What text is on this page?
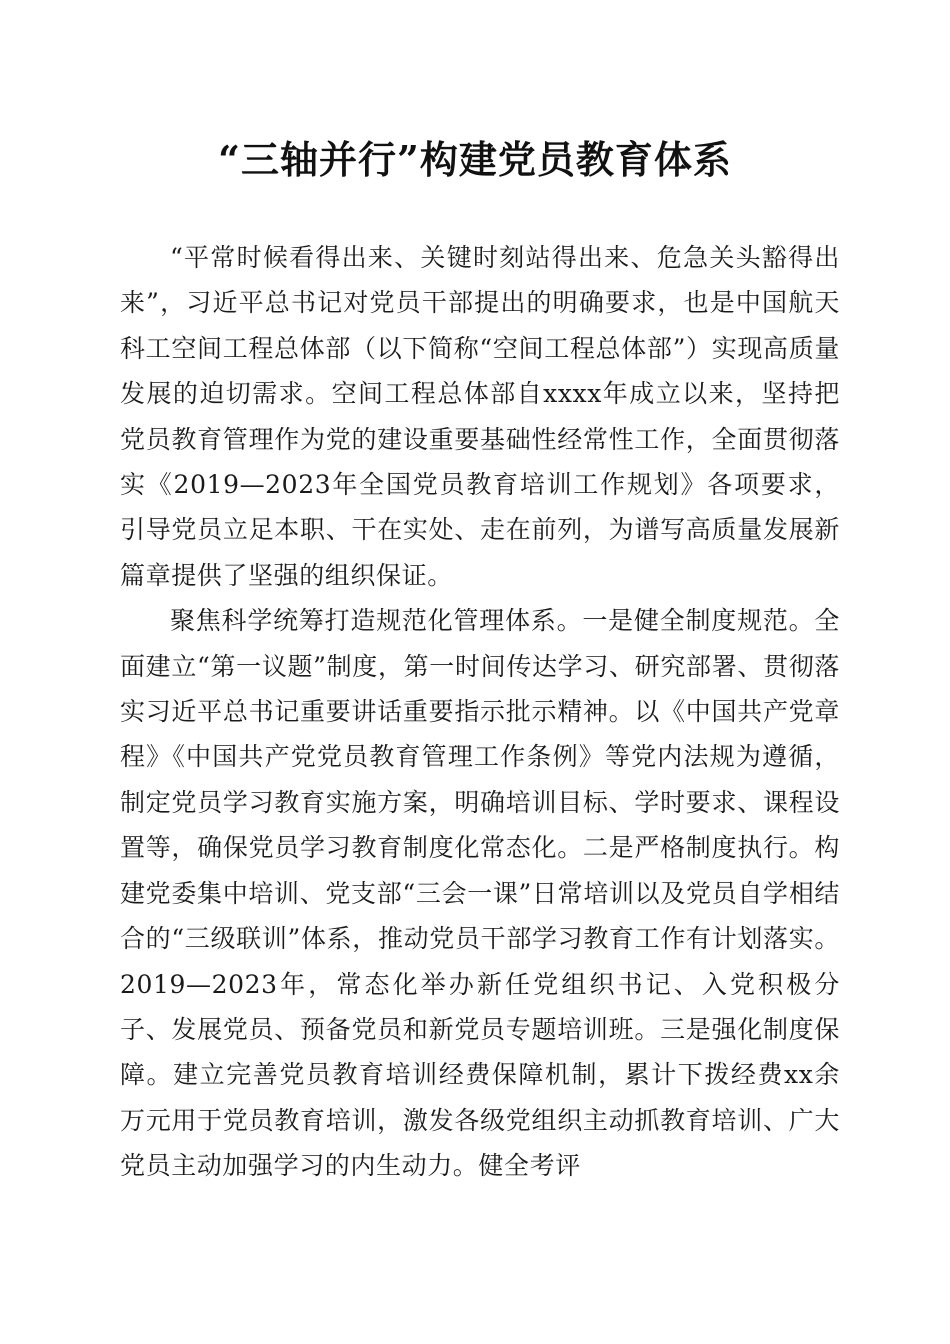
“三轴并行”构建党员教育体系

“平常时候看得出来、关键时刻站得出来、危急关头豁得出来”，习近平总书记对党员干部提出的明确要求，也是中国航天科工空间工程总体部（以下简称“空间工程总体部”）实现高质量发展的迫切需求。空间工程总体部自xxxx年成立以来，坚持把党员教育管理作为党的建设重要基础性经常性工作，全面贯彻落实《2019—2023年全国党员教育培训工作规划》各项要求，引导党员立足本职、干在实处、走在前列，为谱写高质量发展新篇章提供了坚强的组织保证。

聚焦科学统筹打造规范化管理体系。一是健全制度规范。全面建立“第一议题”制度，第一时间传达学习、研究部署、贯彻落实习近平总书记重要讲话重要指示批示精神。以《中国共产党章程》《中国共产党党员教育管理工作条例》等党内法规为遵循，制定党员学习教育实施方案，明确培训目标、学时要求、课程设置等，确保党员学习教育制度化常态化。二是严格制度执行。构建党委集中培训、党支部“三会一课”日常培训以及党员自学相结合的“三级联训”体系，推动党员干部学习教育工作有计划落实。2019—2023年，常态化举办新任党组织书记、入党积极分子、发展党员、预备党员和新党员专题培训班。三是强化制度保障。建立完善党员教育培训经费保障机制，累计下拨经费xx余万元用于党员教育培训，激发各级党组织主动抓教育培训、广大党员主动加强学习的内生动力。健全考评
